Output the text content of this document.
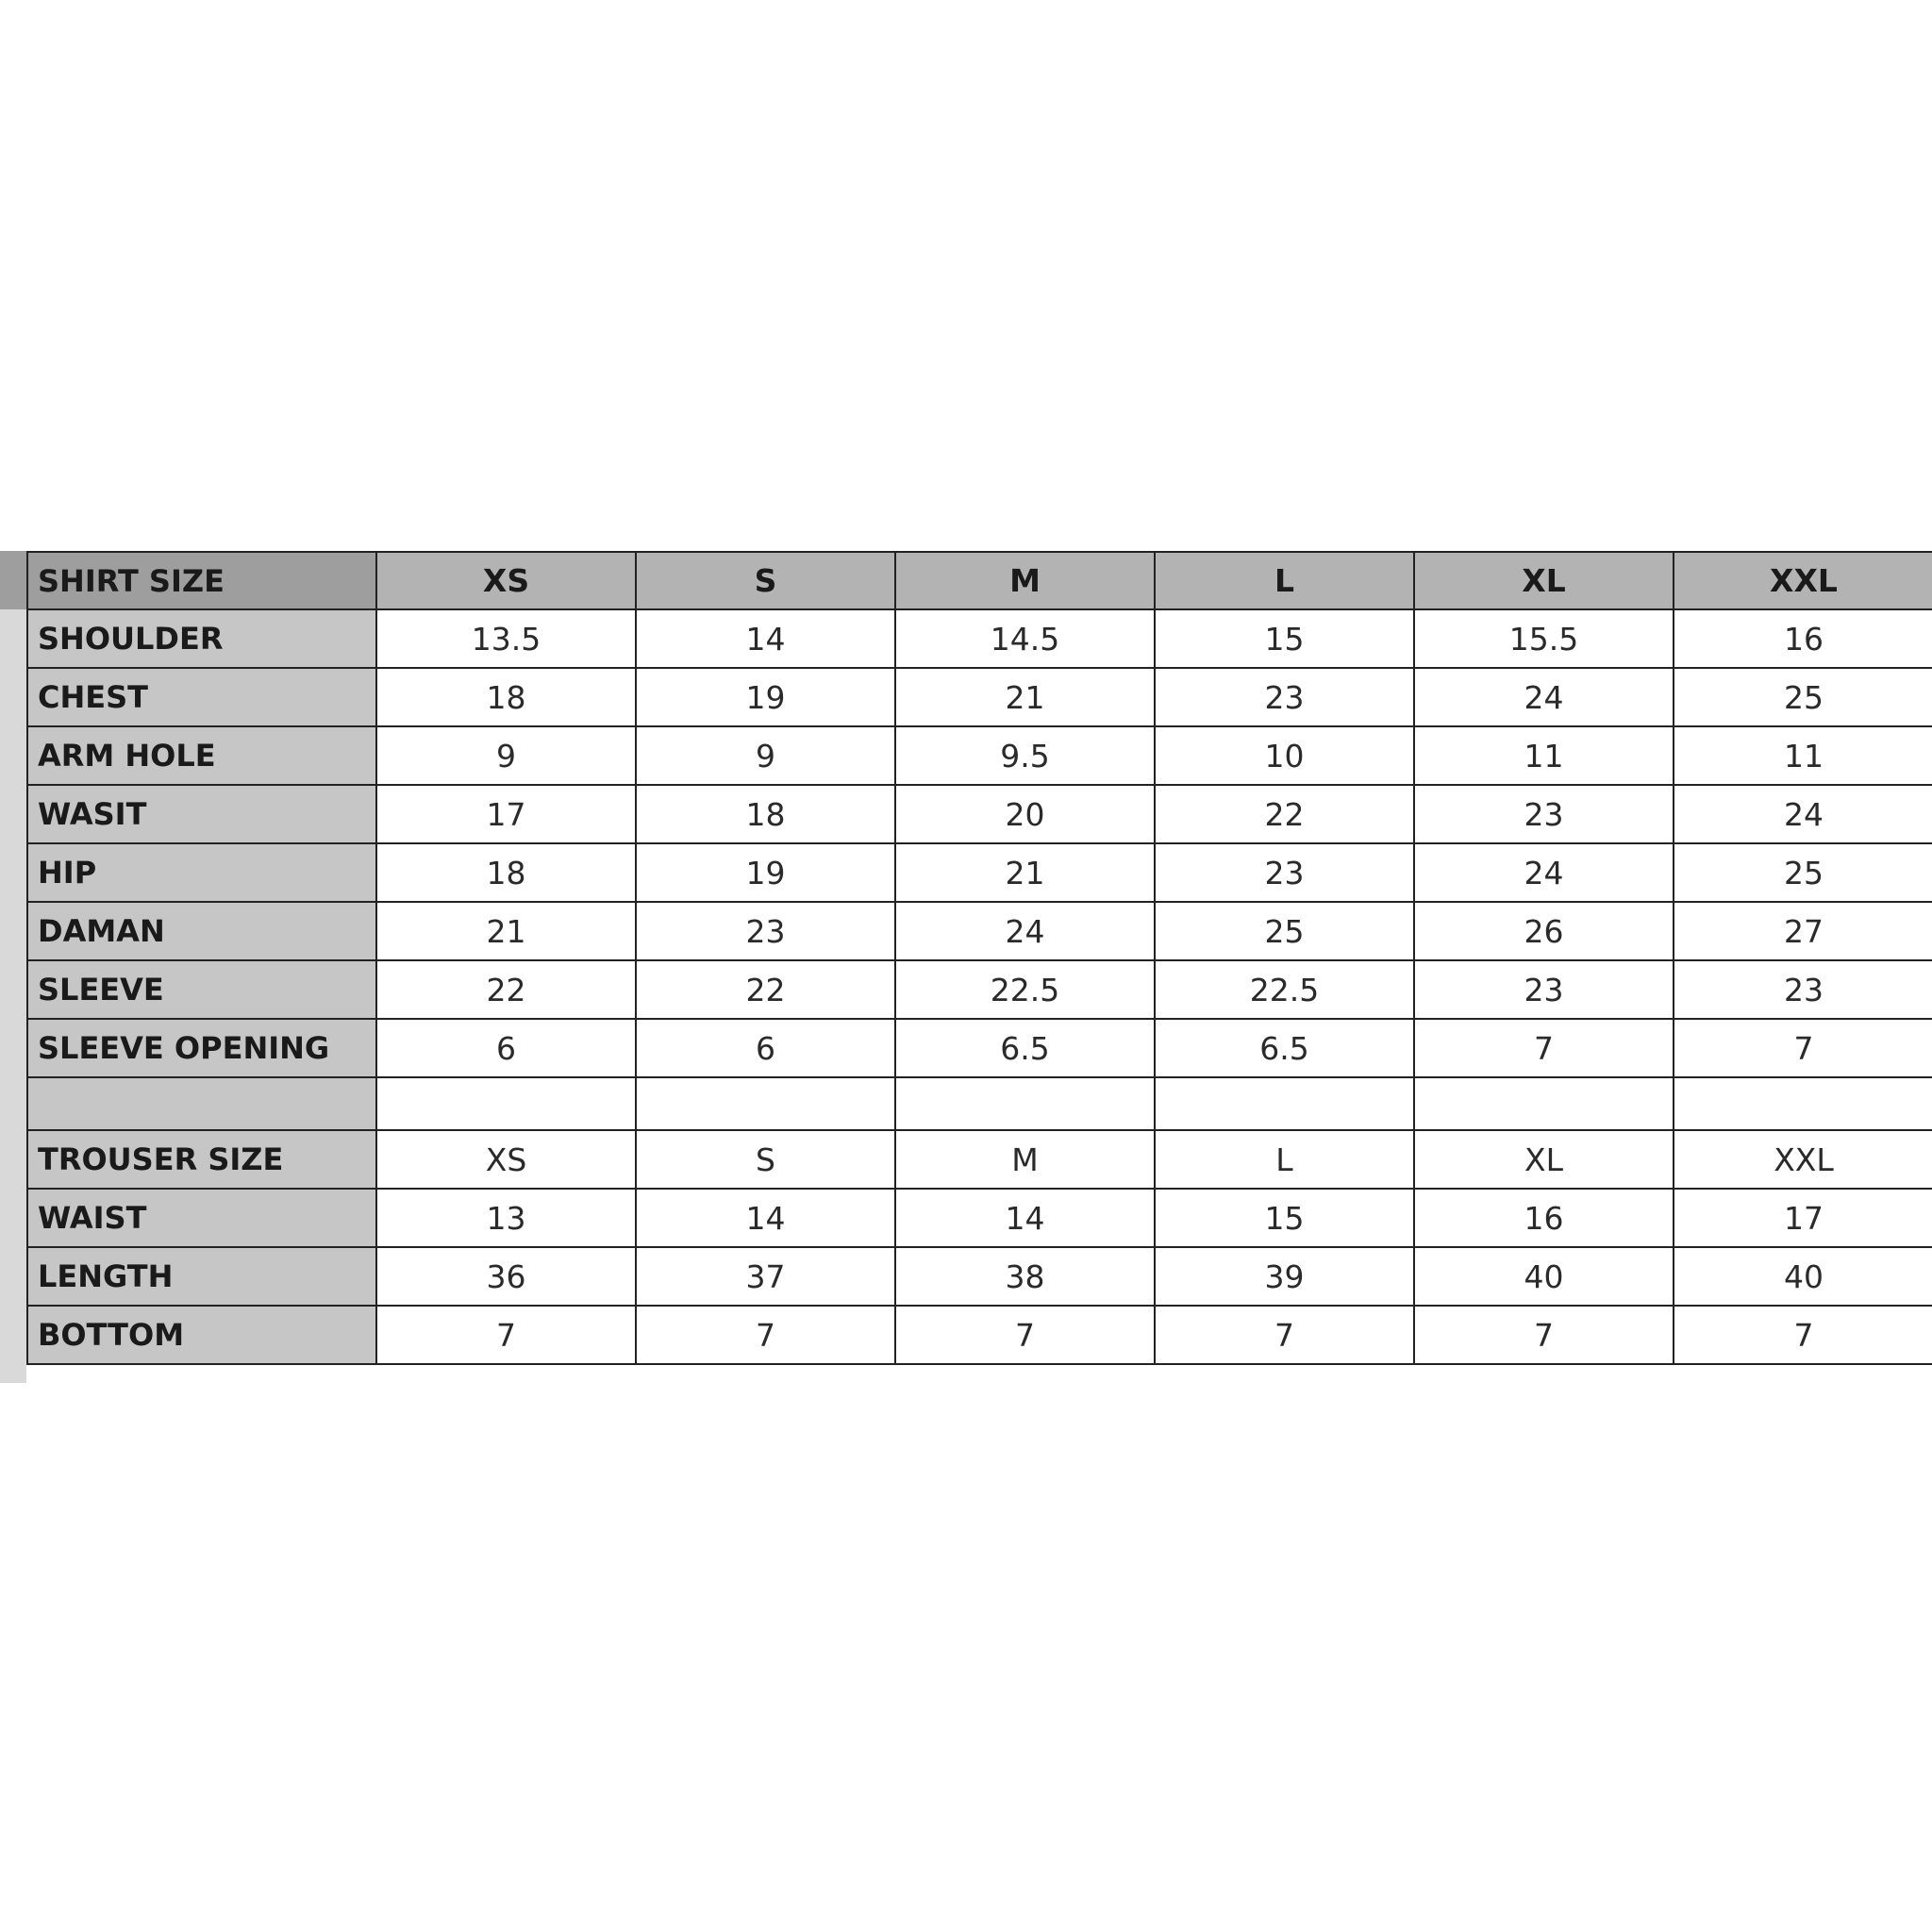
SHIRT SIZE	XS	S	M	L	XL	XXL
SHOULDER	13.5	14	14.5	15	15.5	16
CHEST	18	19	21	23	24	25
ARM HOLE	9	9	9.5	10	11	11
WASIT	17	18	20	22	23	24
HIP	18	19	21	23	24	25
DAMAN	21	23	24	25	26	27
SLEEVE	22	22	22.5	22.5	23	23
SLEEVE OPENING	6	6	6.5	6.5	7	7

TROUSER SIZE	XS	S	M	L	XL	XXL
WAIST	13	14	14	15	16	17
LENGTH	36	37	38	39	40	40
BOTTOM	7	7	7	7	7	7
